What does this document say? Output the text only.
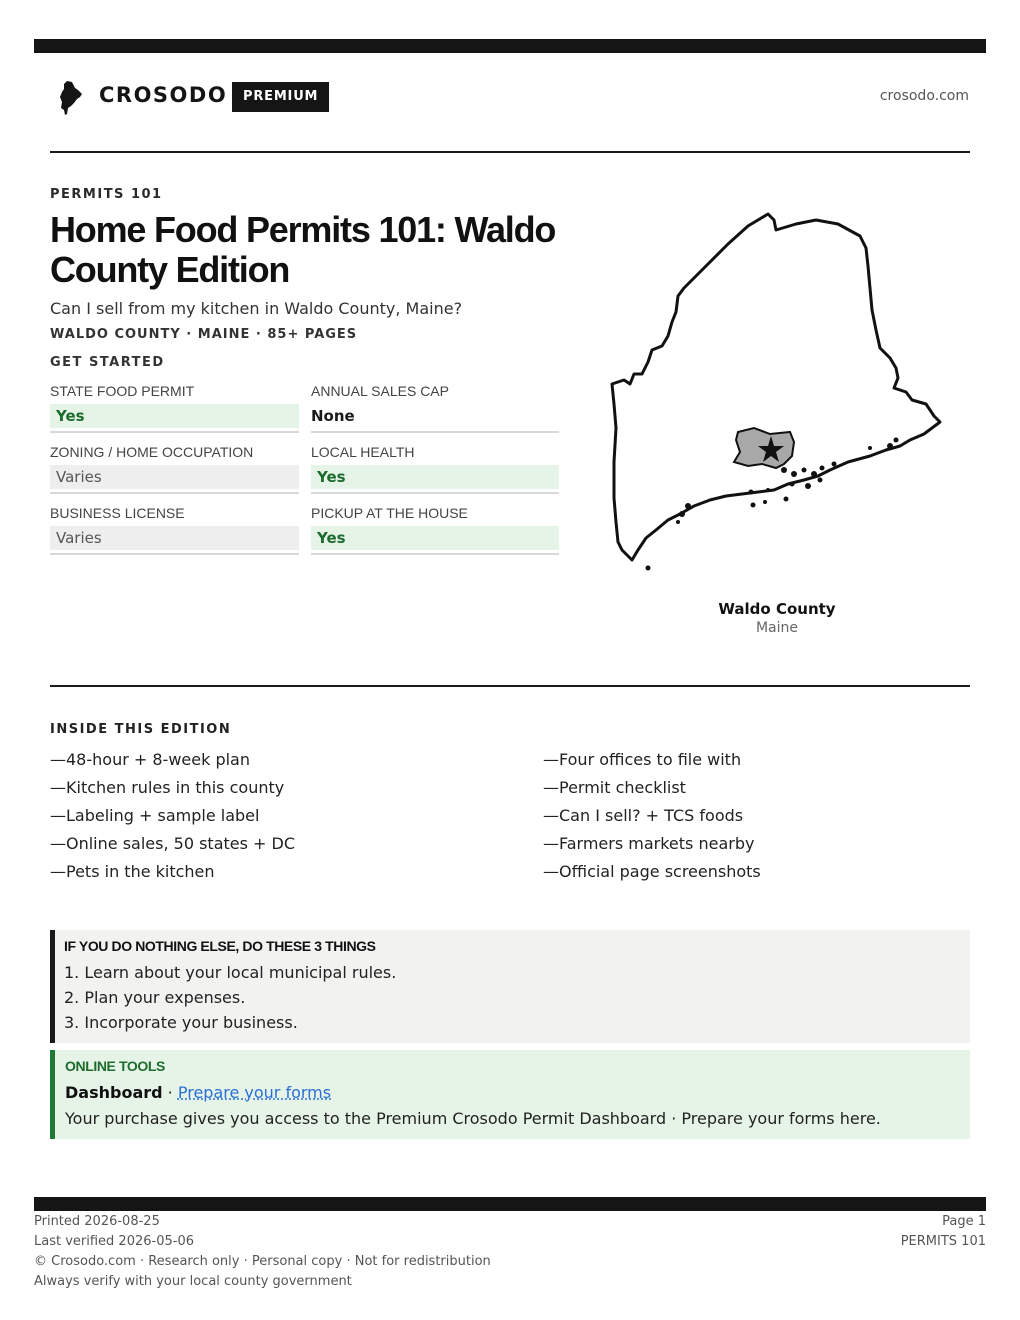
CROSODO	PREMIUM	crosodo.com
PERMITS 101
Home Food Permits 101: Waldo County Edition
Can I sell from my kitchen in Waldo County, Maine?
WALDO COUNTY · MAINE · 85+ PAGES
GET STARTED
STATE FOOD PERMIT
Yes
ANNUAL SALES CAP
None
ZONING / HOME OCCUPATION
Varies
LOCAL HEALTH
Yes
BUSINESS LICENSE
Varies
PICKUP AT THE HOUSE
Yes
Waldo County
Maine
INSIDE THIS EDITION
—48-hour + 8-week plan
—Kitchen rules in this county
—Labeling + sample label
—Online sales, 50 states + DC
—Pets in the kitchen
—Four offices to file with
—Permit checklist
—Can I sell? + TCS foods
—Farmers markets nearby
—Official page screenshots
IF YOU DO NOTHING ELSE, DO THESE 3 THINGS
1. Learn about your local municipal rules.
2. Plan your expenses.
3. Incorporate your business.
ONLINE TOOLS
Dashboard · Prepare your forms
Your purchase gives you access to the Premium Crosodo Permit Dashboard · Prepare your forms here.
Printed 2026-08-25
Last verified 2026-05-06
© Crosodo.com · Research only · Personal copy · Not for redistribution
Always verify with your local county government
Page 1
PERMITS 101
